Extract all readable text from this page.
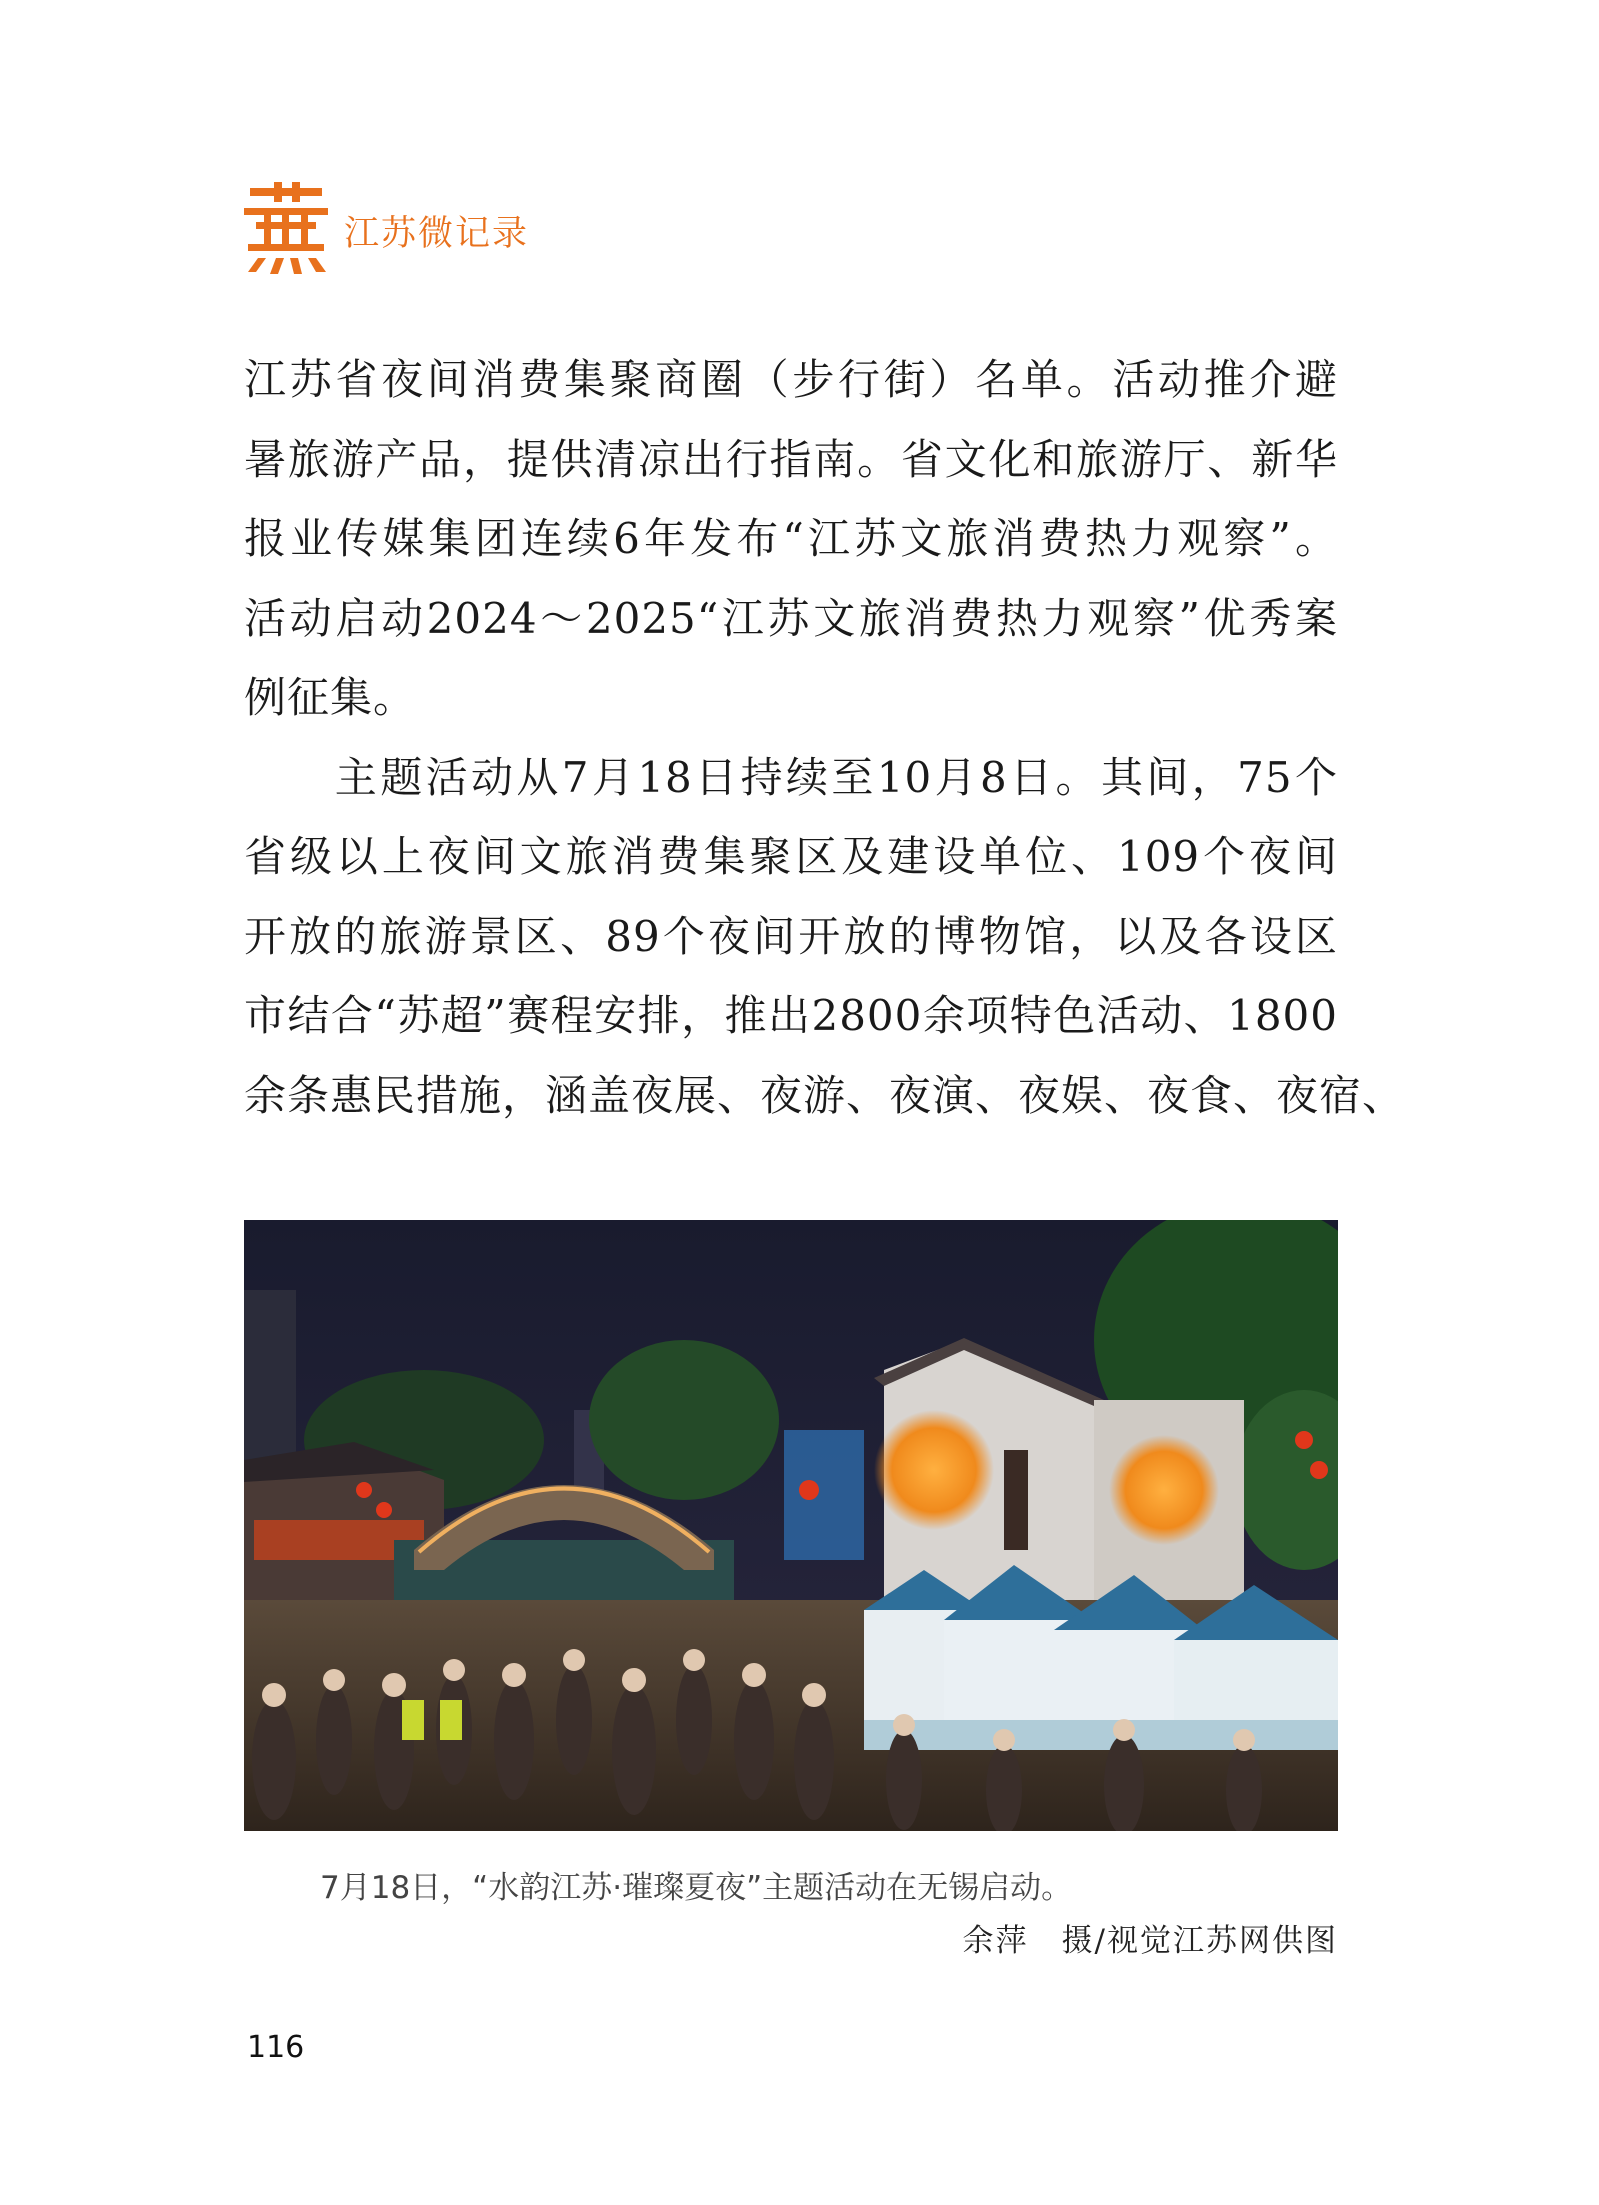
江苏微记录
江苏省夜间消费集聚商圈（步行街）名单。活动推介避
暑旅游产品，提供清凉出行指南。省文化和旅游厅、新华
报业传媒集团连续6年发布“江苏文旅消费热力观察”。
活动启动2024～2025“江苏文旅消费热力观察”优秀案
例征集。
　　主题活动从7月18日持续至10月8日。其间，75个
省级以上夜间文旅消费集聚区及建设单位、109个夜间
开放的旅游景区、89个夜间开放的博物馆，以及各设区
市结合“苏超”赛程安排，推出2800余项特色活动、1800
余条惠民措施，涵盖夜展、夜游、夜演、夜娱、夜食、夜宿、
7月18日，“水韵江苏·璀璨夏夜”主题活动在无锡启动。
余萍　摄/视觉江苏网供图
116
